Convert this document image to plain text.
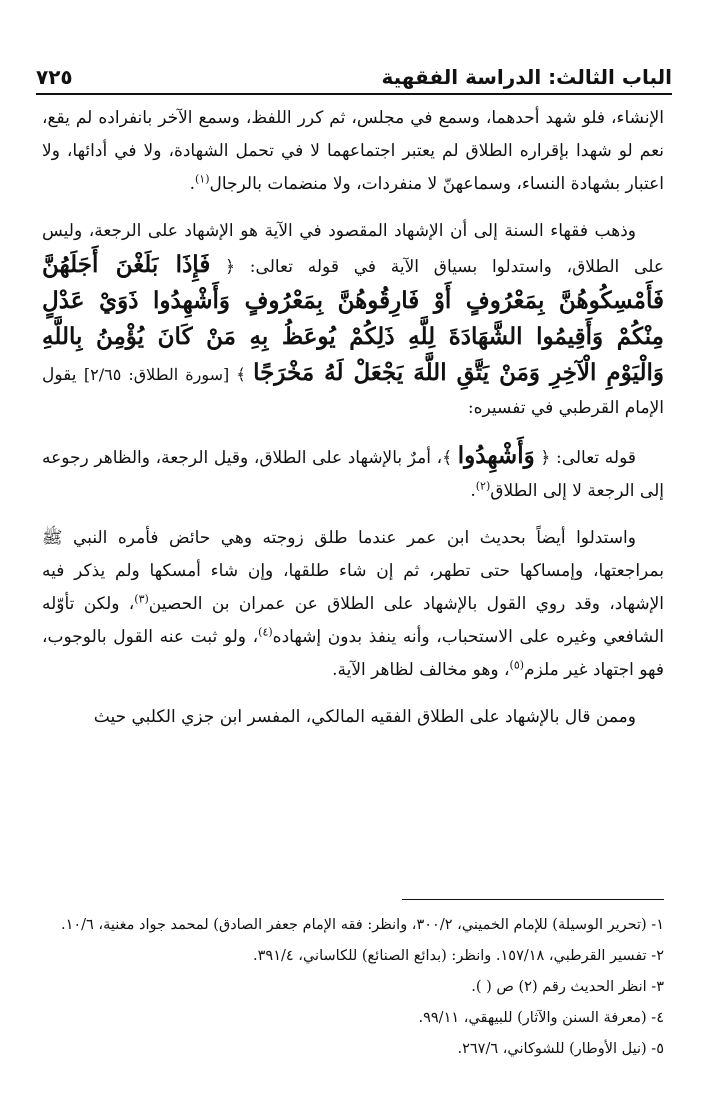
الباب الثالث: الدراسة الفقهية
٧٢٥

الإنشاء، فلو شهد أحدهما، وسمع في مجلس، ثم كرر اللفظ، وسمع الآخر بانفراده لم يقع، نعم لو شهدا بإقراره الطلاق لم يعتبر اجتماعهما لا في تحمل الشهادة، ولا في أدائها، ولا اعتبار بشهادة النساء، وسماعهنّ لا منفردات، ولا منضمات بالرجال$^{(١)}$.

وذهب فقهاء السنة إلى أن الإشهاد المقصود في الآية هو الإشهاد على الرجعة، وليس على الطلاق، واستدلوا بسياق الآية في قوله تعالى: ﴿ فَإِذَا بَلَغْنَ أَجَلَهُنَّ فَأَمْسِكُوهُنَّ بِمَعْرُوفٍ أَوْ فَارِقُوهُنَّ بِمَعْرُوفٍ وَأَشْهِدُوا ذَوَيْ عَدْلٍ مِنْكُمْ وَأَقِيمُوا الشَّهَادَةَ لِلَّهِ ذَلِكُمْ يُوعَظُ بِهِ مَنْ كَانَ يُؤْمِنُ بِاللَّهِ وَالْيَوْمِ الْآخِرِ وَمَنْ يَتَّقِ اللَّهَ يَجْعَلْ لَهُ مَخْرَجًا ﴾ [سورة الطلاق: ٢/٦٥] يقول الإمام القرطبي في تفسيره:

قوله تعالى: ﴿ وَأَشْهِدُوا ﴾، أمرٌ بالإشهاد على الطلاق، وقيل الرجعة، والظاهر رجوعه إلى الرجعة لا إلى الطلاق$^{(٢)}$.

واستدلوا أيضاً بحديث ابن عمر عندما طلق زوجته وهي حائض فأمره النبي ﷺ بمراجعتها، وإمساكها حتى تطهر، ثم إن شاء طلقها، وإن شاء أمسكها ولم يذكر فيه الإشهاد، وقد روي القول بالإشهاد على الطلاق عن عمران بن الحصين$^{(٣)}$، ولكن تأوّله الشافعي وغيره على الاستحباب، وأنه ينفذ بدون إشهاده$^{(٤)}$، ولو ثبت عنه القول بالوجوب، فهو اجتهاد غير ملزم$^{(٥)}$، وهو مخالف لظاهر الآية.

وممن قال بالإشهاد على الطلاق الفقيه المالكي، المفسر ابن جزي الكلبي حيث

١- (تحرير الوسيلة) للإمام الخميني، ٣٠٠/٢، وانظر: فقه الإمام جعفر الصادق) لمحمد جواد مغنية، ١٠/٦.
٢- تفسير القرطبي، ١٥٧/١٨. وانظر: (بدائع الصنائع) للكاساني، ٣٩١/٤.
٣- انظر الحديث رقم (٢) ص ( ).
٤- (معرفة السنن والآثار) للبيهقي، ٩٩/١١.
٥- (نيل الأوطار) للشوكاني، ٢٦٧/٦.
